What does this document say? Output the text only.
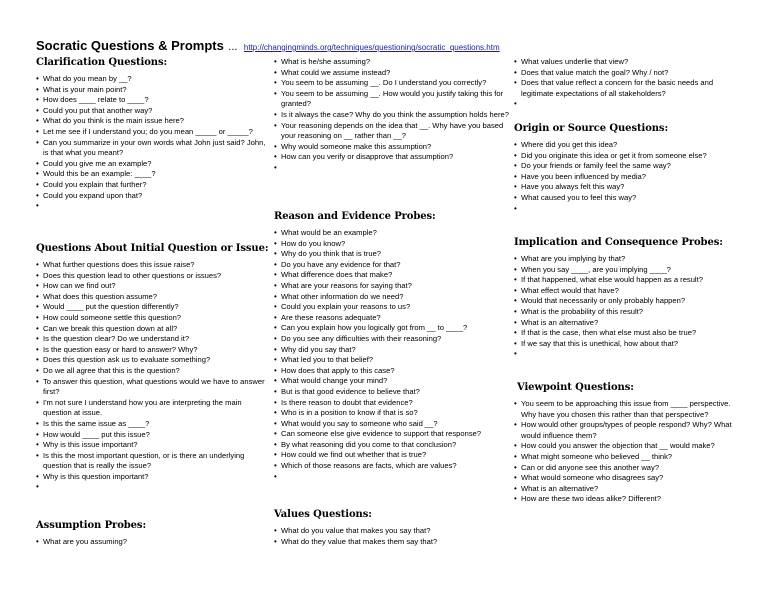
Socratic Questions & Prompts ... http://changingminds.org/techniques/questioning/socratic_questions.htm
Clarification Questions:
• What do you mean by __?
• What is your main point?
• How does ____ relate to ____?
• Could you put that another way?
• What do you think is the main issue here?
• Let me see if I understand you; do you mean _____ or _____?
• Can you summarize in your own words what John just said? John, is that what you meant?
• Could you give me an example?
• Would this be an example: ____?
• Could you explain that further?
• Could you expand upon that?
Questions About Initial Question or Issue:
• What further questions does this issue raise?
• Does this question lead to other questions or issues?
• How can we find out?
• What does this question assume?
• Would ____ put the question differently?
• How could someone settle this question?
• Can we break this question down at all?
• Is the question clear? Do we understand it?
• Is the question easy or hard to answer? Why?
• Does this question ask us to evaluate something?
• Do we all agree that this is the question?
• To answer this question, what questions would we have to answer first?
• I'm not sure I understand how you are interpreting the main question at issue.
• Is this the same issue as ____?
• How would ____ put this issue?
• Why is this issue important?
• Is this the most important question, or is there an underlying question that is really the issue?
• Why is this question important?
Assumption Probes:
• What are you assuming?
• What is he/she assuming?
• What could we assume instead?
• You seem to be assuming __. Do I understand you correctly?
• You seem to be assuming __. How would you justify taking this for granted?
• Is it always the case? Why do you think the assumption holds here?
• Your reasoning depends on the idea that __. Why have you based your reasoning on __ rather than __?
• Why would someone make this assumption?
• How can you verify or disapprove that assumption?
Reason and Evidence Probes:
• What would be an example?
• How do you know?
• Why do you think that is true?
• Do you have any evidence for that?
• What difference does that make?
• What are your reasons for saying that?
• What other information do we need?
• Could you explain your reasons to us?
• Are these reasons adequate?
• Can you explain how you logically got from __ to ____?
• Do you see any difficulties with their reasoning?
• Why did you say that?
• What led you to that belief?
• How does that apply to this case?
• What would change your mind?
• But is that good evidence to believe that?
• Is there reason to doubt that evidence?
• Who is in a position to know if that is so?
• What would you say to someone who said __?
• Can someone else give evidence to support that response?
• By what reasoning did you come to that conclusion?
• How could we find out whether that is true?
• Which of those reasons are facts, which are values?
Values Questions:
• What do you value that makes you say that?
• What do they value that makes them say that?
• What values underlie that view?
• Does that value match the goal? Why / not?
• Does that value reflect a concern for the basic needs and legitimate expectations of all stakeholders?
Origin or Source Questions:
• Where did you get this idea?
• Did you originate this idea or get it from someone else?
• Do your friends or family feel the same way?
• Have you been influenced by media?
• Have you always felt this way?
• What caused you to feel this way?
Implication and Consequence Probes:
• What are you implying by that?
• When you say ____, are you implying ____?
• If that happened, what else would happen as a result?
• What effect would that have?
• Would that necessarily or only probably happen?
• What is the probability of this result?
• What is an alternative?
• If that is the case, then what else must also be true?
• If we say that this is unethical, how about that?
Viewpoint Questions:
• You seem to be approaching this issue from ____ perspective. Why have you chosen this rather than that perspective?
• How would other groups/types of people respond? Why? What would influence them?
• How could you answer the objection that __ would make?
• What might someone who believed __ think?
• Can or did anyone see this another way?
• What would someone who disagrees say?
• What is an alternative?
• How are these two ideas alike? Different?
